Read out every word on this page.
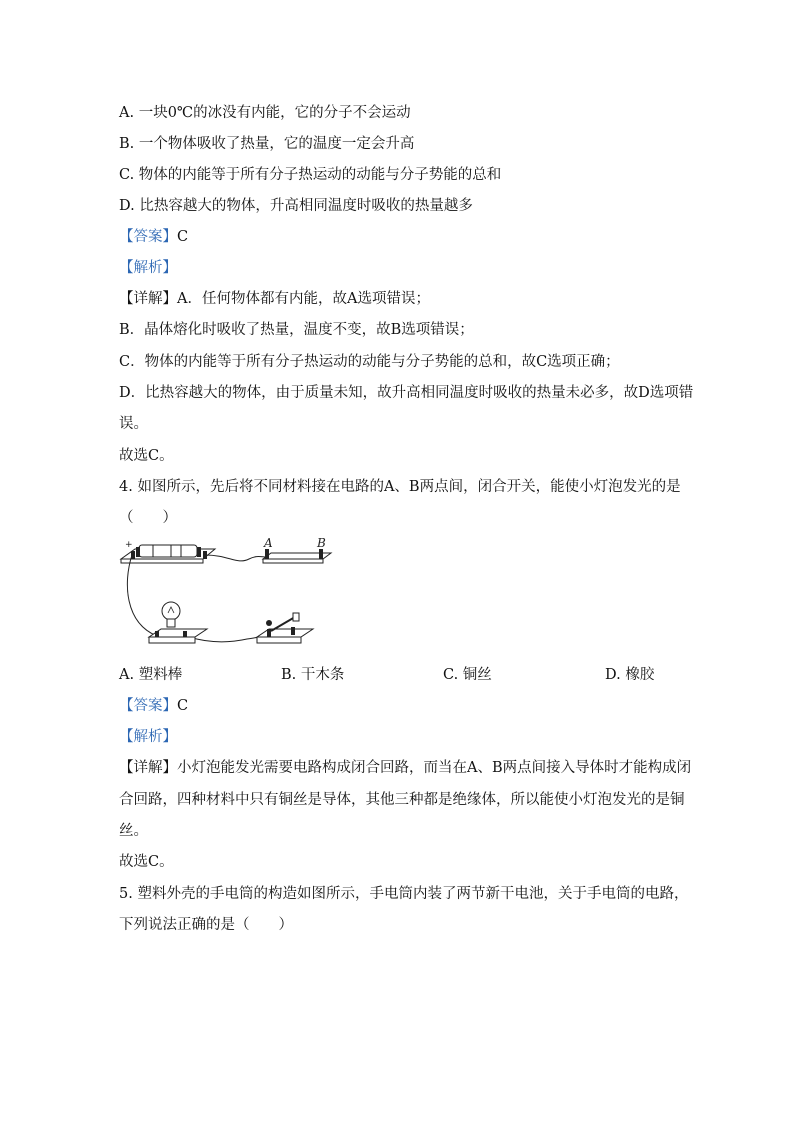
A. 一块0℃的冰没有内能，它的分子不会运动
B. 一个物体吸收了热量，它的温度一定会升高
C. 物体的内能等于所有分子热运动的动能与分子势能的总和
D. 比热容越大的物体，升高相同温度时吸收的热量越多
【答案】C
【解析】
【详解】A．任何物体都有内能，故A选项错误；
B．晶体熔化时吸收了热量，温度不变，故B选项错误；
C．物体的内能等于所有分子热运动的动能与分子势能的总和，故C选项正确；
D．比热容越大的物体，由于质量未知，故升高相同温度时吸收的热量未必多，故D选项错
误。
故选C。
4. 如图所示，先后将不同材料接在电路的A、B两点间，闭合开关，能使小灯泡发光的是
（　　）
+	A	B
A. 塑料棒	B. 干木条	C. 铜丝	D. 橡胶
【答案】C
【解析】
【详解】小灯泡能发光需要电路构成闭合回路，而当在A、B两点间接入导体时才能构成闭
合回路，四种材料中只有铜丝是导体，其他三种都是绝缘体，所以能使小灯泡发光的是铜
丝。
故选C。
5. 塑料外壳的手电筒的构造如图所示，手电筒内装了两节新干电池，关于手电筒的电路，
下列说法正确的是（　　）
